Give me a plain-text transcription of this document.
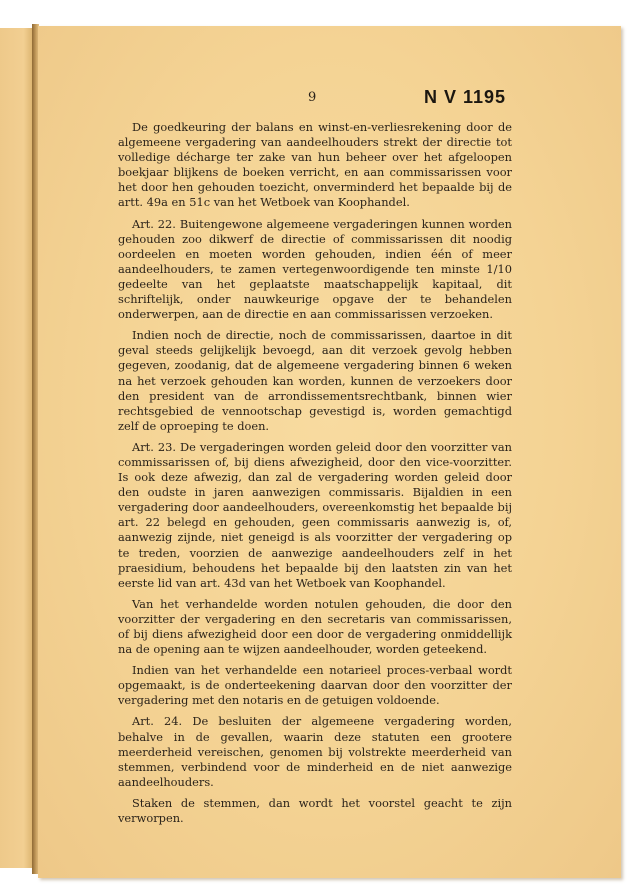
9	N V 1195

De goedkeuring der balans en winst-en-verliesrekening door de algemeene vergadering van aandeelhouders strekt der directie tot volledige décharge ter zake van hun beheer over het afgeloopen boekjaar blijkens de boeken verricht, en aan commissarissen voor het door hen gehouden toezicht, onverminderd het bepaalde bij de artt. 49a en 51c van het Wetboek van Koophandel.

Art. 22. Buitengewone algemeene vergaderingen kunnen worden gehouden zoo dikwerf de directie of commissarissen dit noodig oordeelen en moeten worden gehouden, indien één of meer aandeelhouders, te zamen vertegenwoordigende ten minste 1/10 gedeelte van het geplaatste maatschappelijk kapitaal, dit schriftelijk, onder nauwkeurige opgave der te behandelen onderwerpen, aan de directie en aan commissarissen verzoeken.

Indien noch de directie, noch de commissarissen, daartoe in dit geval steeds gelijkelijk bevoegd, aan dit verzoek gevolg hebben gegeven, zoodanig, dat de algemeene vergadering binnen 6 weken na het verzoek gehouden kan worden, kunnen de verzoekers door den president van de arrondissementsrechtbank, binnen wier rechtsgebied de vennootschap gevestigd is, worden gemachtigd zelf de oproeping te doen.

Art. 23. De vergaderingen worden geleid door den voorzitter van commissarissen of, bij diens afwezigheid, door den vice-voorzitter. Is ook deze afwezig, dan zal de vergadering worden geleid door den oudste in jaren aanwezigen commissaris. Bijaldien in een vergadering door aandeelhouders, overeenkomstig het bepaalde bij art. 22 belegd en gehouden, geen commissaris aanwezig is, of, aanwezig zijnde, niet geneigd is als voorzitter der vergadering op te treden, voorzien de aanwezige aandeelhouders zelf in het praesidium, behoudens het bepaalde bij den laatsten zin van het eerste lid van art. 43d van het Wetboek van Koophandel.

Van het verhandelde worden notulen gehouden, die door den voorzitter der vergadering en den secretaris van commissarissen, of bij diens afwezigheid door een door de vergadering onmiddellijk na de opening aan te wijzen aandeelhouder, worden geteekend.

Indien van het verhandelde een notarieel proces-verbaal wordt opgemaakt, is de onderteekening daarvan door den voorzitter der vergadering met den notaris en de getuigen voldoende.

Art. 24. De besluiten der algemeene vergadering worden, behalve in de gevallen, waarin deze statuten een grootere meerderheid vereischen, genomen bij volstrekte meerderheid van stemmen, verbindend voor de minderheid en de niet aanwezige aandeelhouders.

Staken de stemmen, dan wordt het voorstel geacht te zijn verworpen.
